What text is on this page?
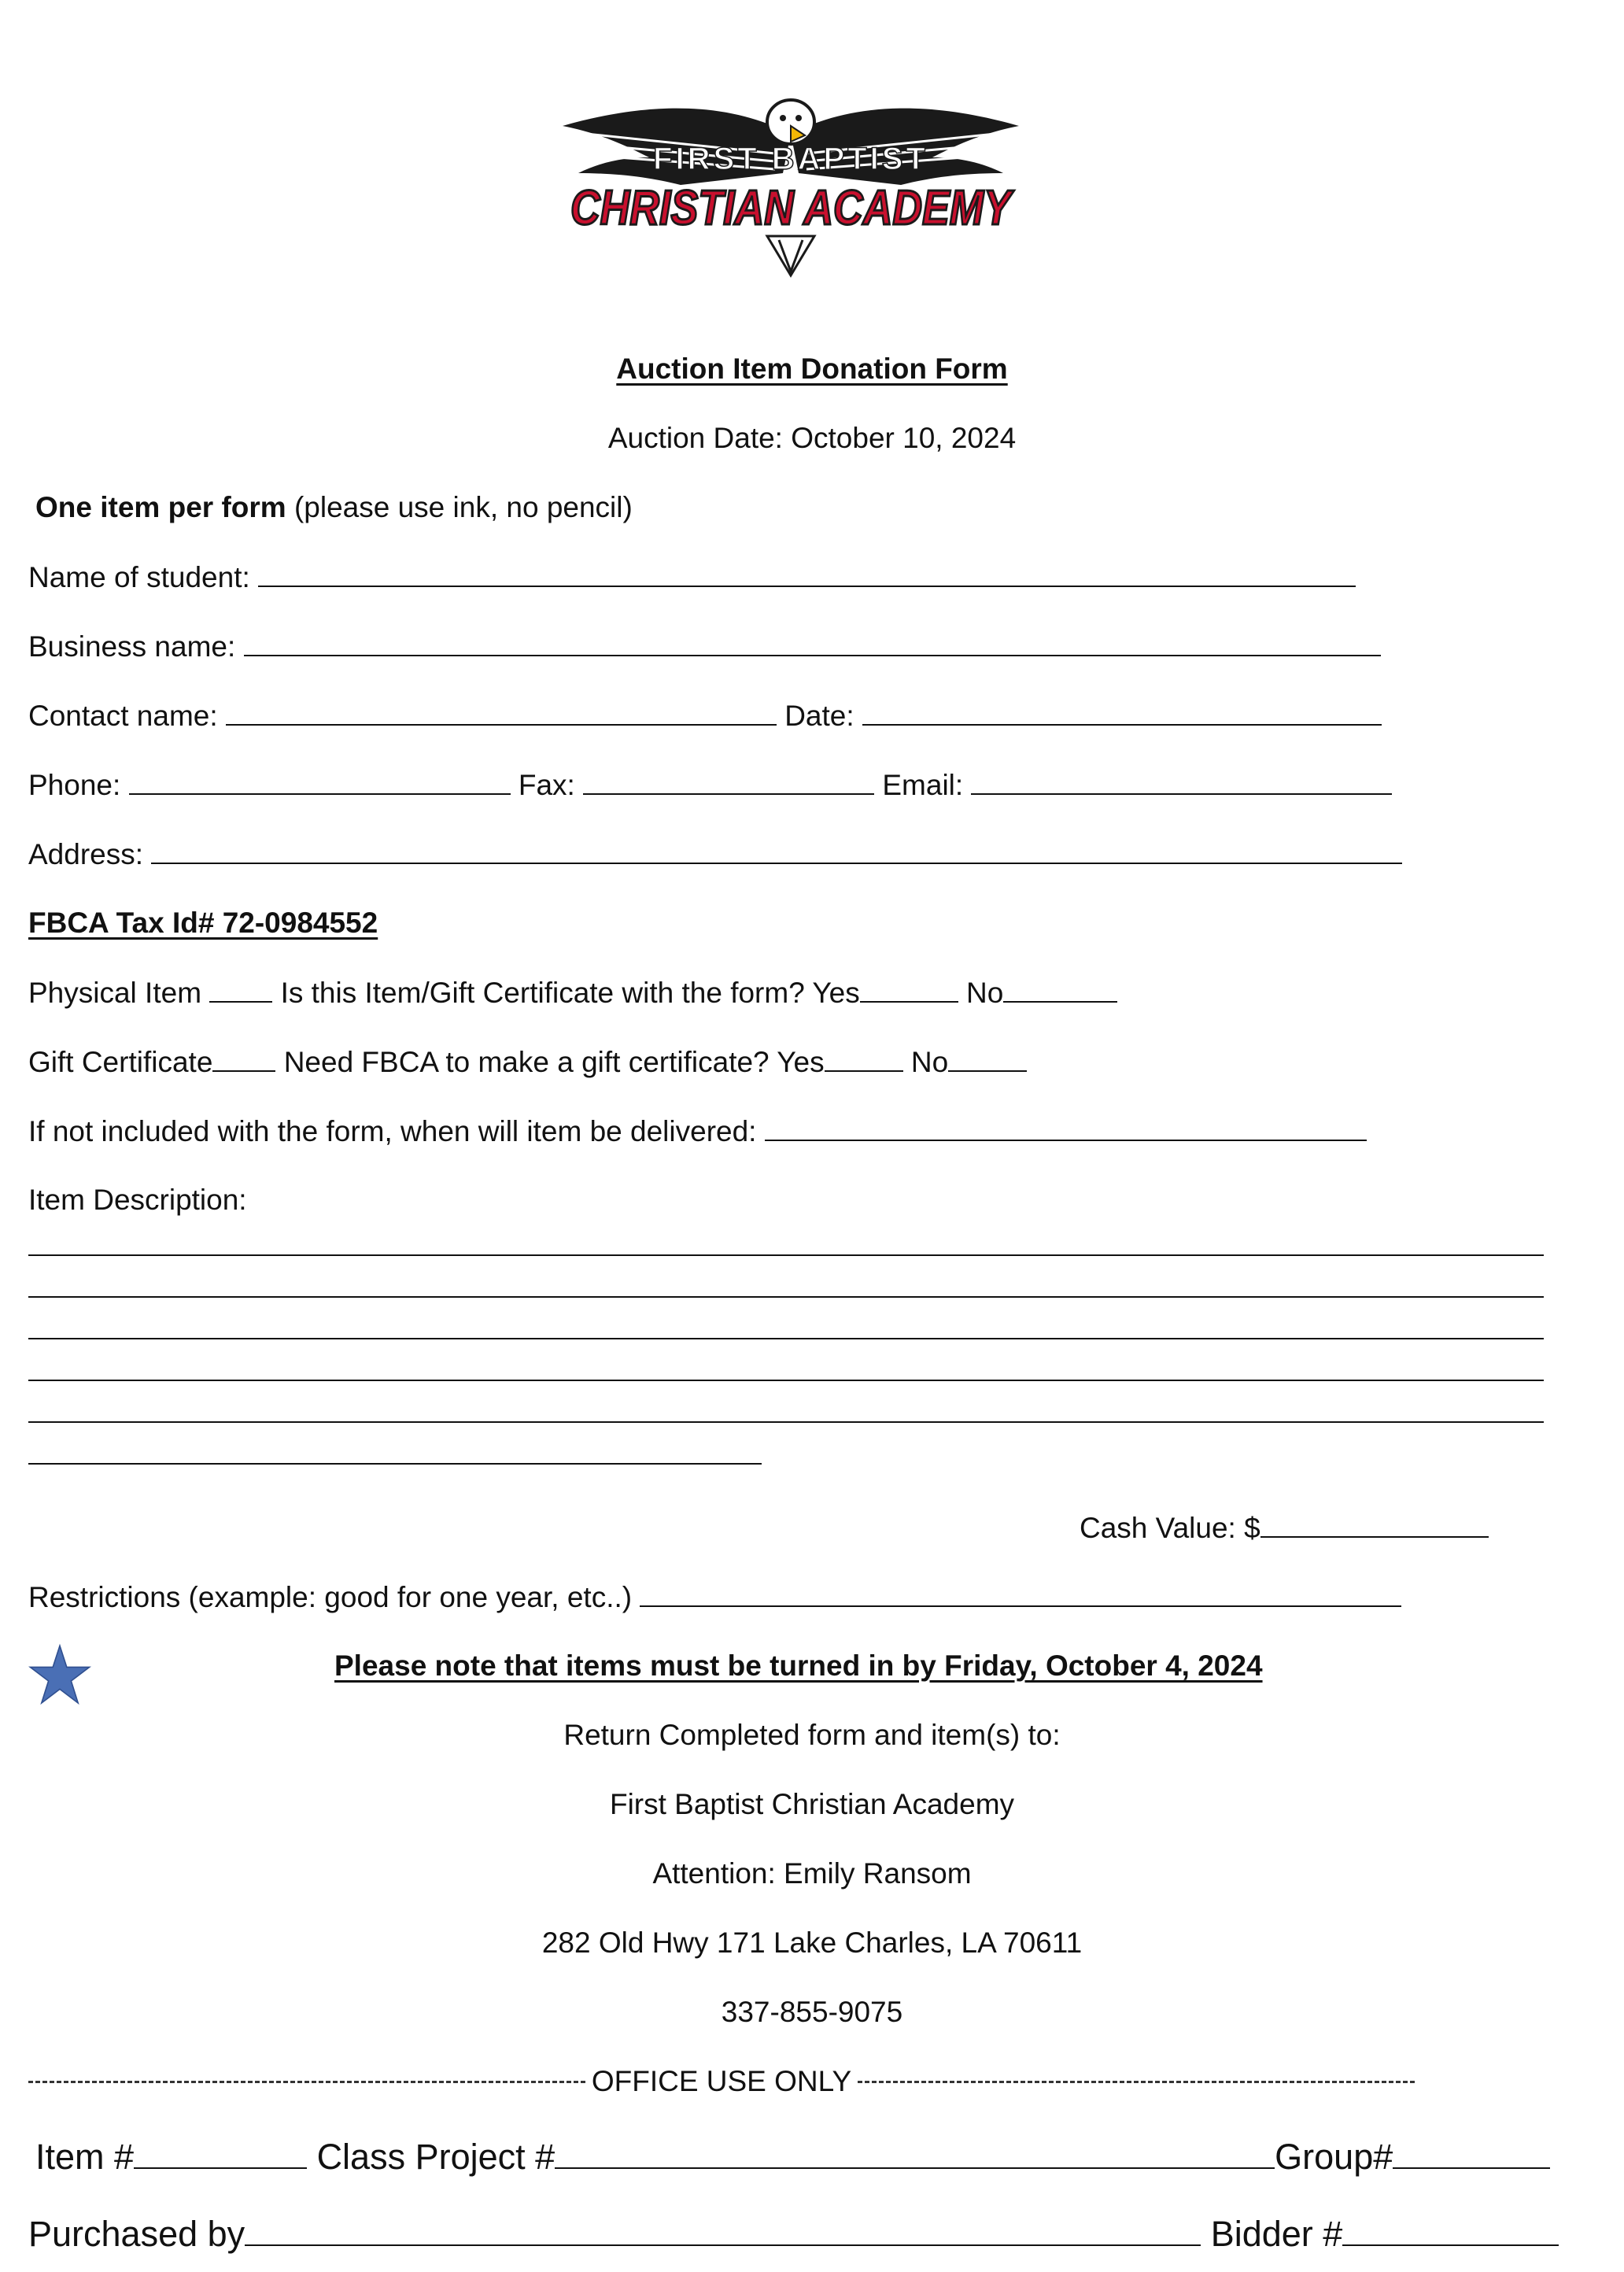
FIRST BAPTIST
CHRISTIAN ACADEMY
Auction Item Donation Form
Auction Date: October 10, 2024
One item per form (please use ink, no pencil)
Name of student:
Business name:
Contact name:	Date:
Phone:	Fax:	Email:
Address:
FBCA Tax Id# 72-0984552
Physical Item	Is this Item/Gift Certificate with the form? Yes	No
Gift Certificate Need FBCA to make a gift certificate? Yes	No
If not included with the form, when will item be delivered:
Item Description:
Cash Value: $
Restrictions (example: good for one year, etc..)
Please note that items must be turned in by Friday, October 4, 2024
Return Completed form and item(s) to:
First Baptist Christian Academy
Attention: Emily Ransom
282 Old Hwy 171 Lake Charles, LA 70611
337-855-9075
OFFICE USE ONLY
Item #	Class Project #	Group#
Purchased by	Bidder #
